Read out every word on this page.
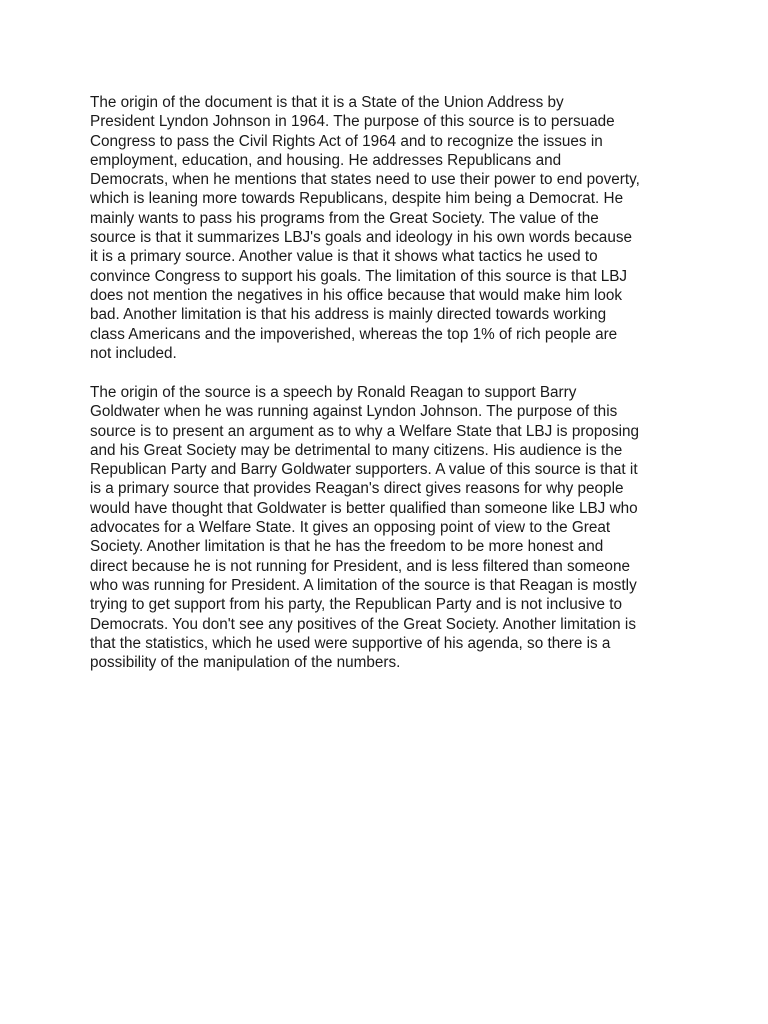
The origin of the document is that it is a State of the Union Address by
President Lyndon Johnson in 1964. The purpose of this source is to persuade
Congress to pass the Civil Rights Act of 1964 and to recognize the issues in
employment, education, and housing. He addresses Republicans and
Democrats, when he mentions that states need to use their power to end poverty,
which is leaning more towards Republicans, despite him being a Democrat. He
mainly wants to pass his programs from the Great Society. The value of the
source is that it summarizes LBJ's goals and ideology in his own words because
it is a primary source. Another value is that it shows what tactics he used to
convince Congress to support his goals. The limitation of this source is that LBJ
does not mention the negatives in his office because that would make him look
bad. Another limitation is that his address is mainly directed towards working
class Americans and the impoverished, whereas the top 1% of rich people are
not included.

The origin of the source is a speech by Ronald Reagan to support Barry
Goldwater when he was running against Lyndon Johnson. The purpose of this
source is to present an argument as to why a Welfare State that LBJ is proposing
and his Great Society may be detrimental to many citizens. His audience is the
Republican Party and Barry Goldwater supporters. A value of this source is that it
is a primary source that provides Reagan's direct gives reasons for why people
would have thought that Goldwater is better qualified than someone like LBJ who
advocates for a Welfare State. It gives an opposing point of view to the Great
Society. Another limitation is that he has the freedom to be more honest and
direct because he is not running for President, and is less filtered than someone
who was running for President. A limitation of the source is that Reagan is mostly
trying to get support from his party, the Republican Party and is not inclusive to
Democrats. You don't see any positives of the Great Society. Another limitation is
that the statistics, which he used were supportive of his agenda, so there is a
possibility of the manipulation of the numbers.
